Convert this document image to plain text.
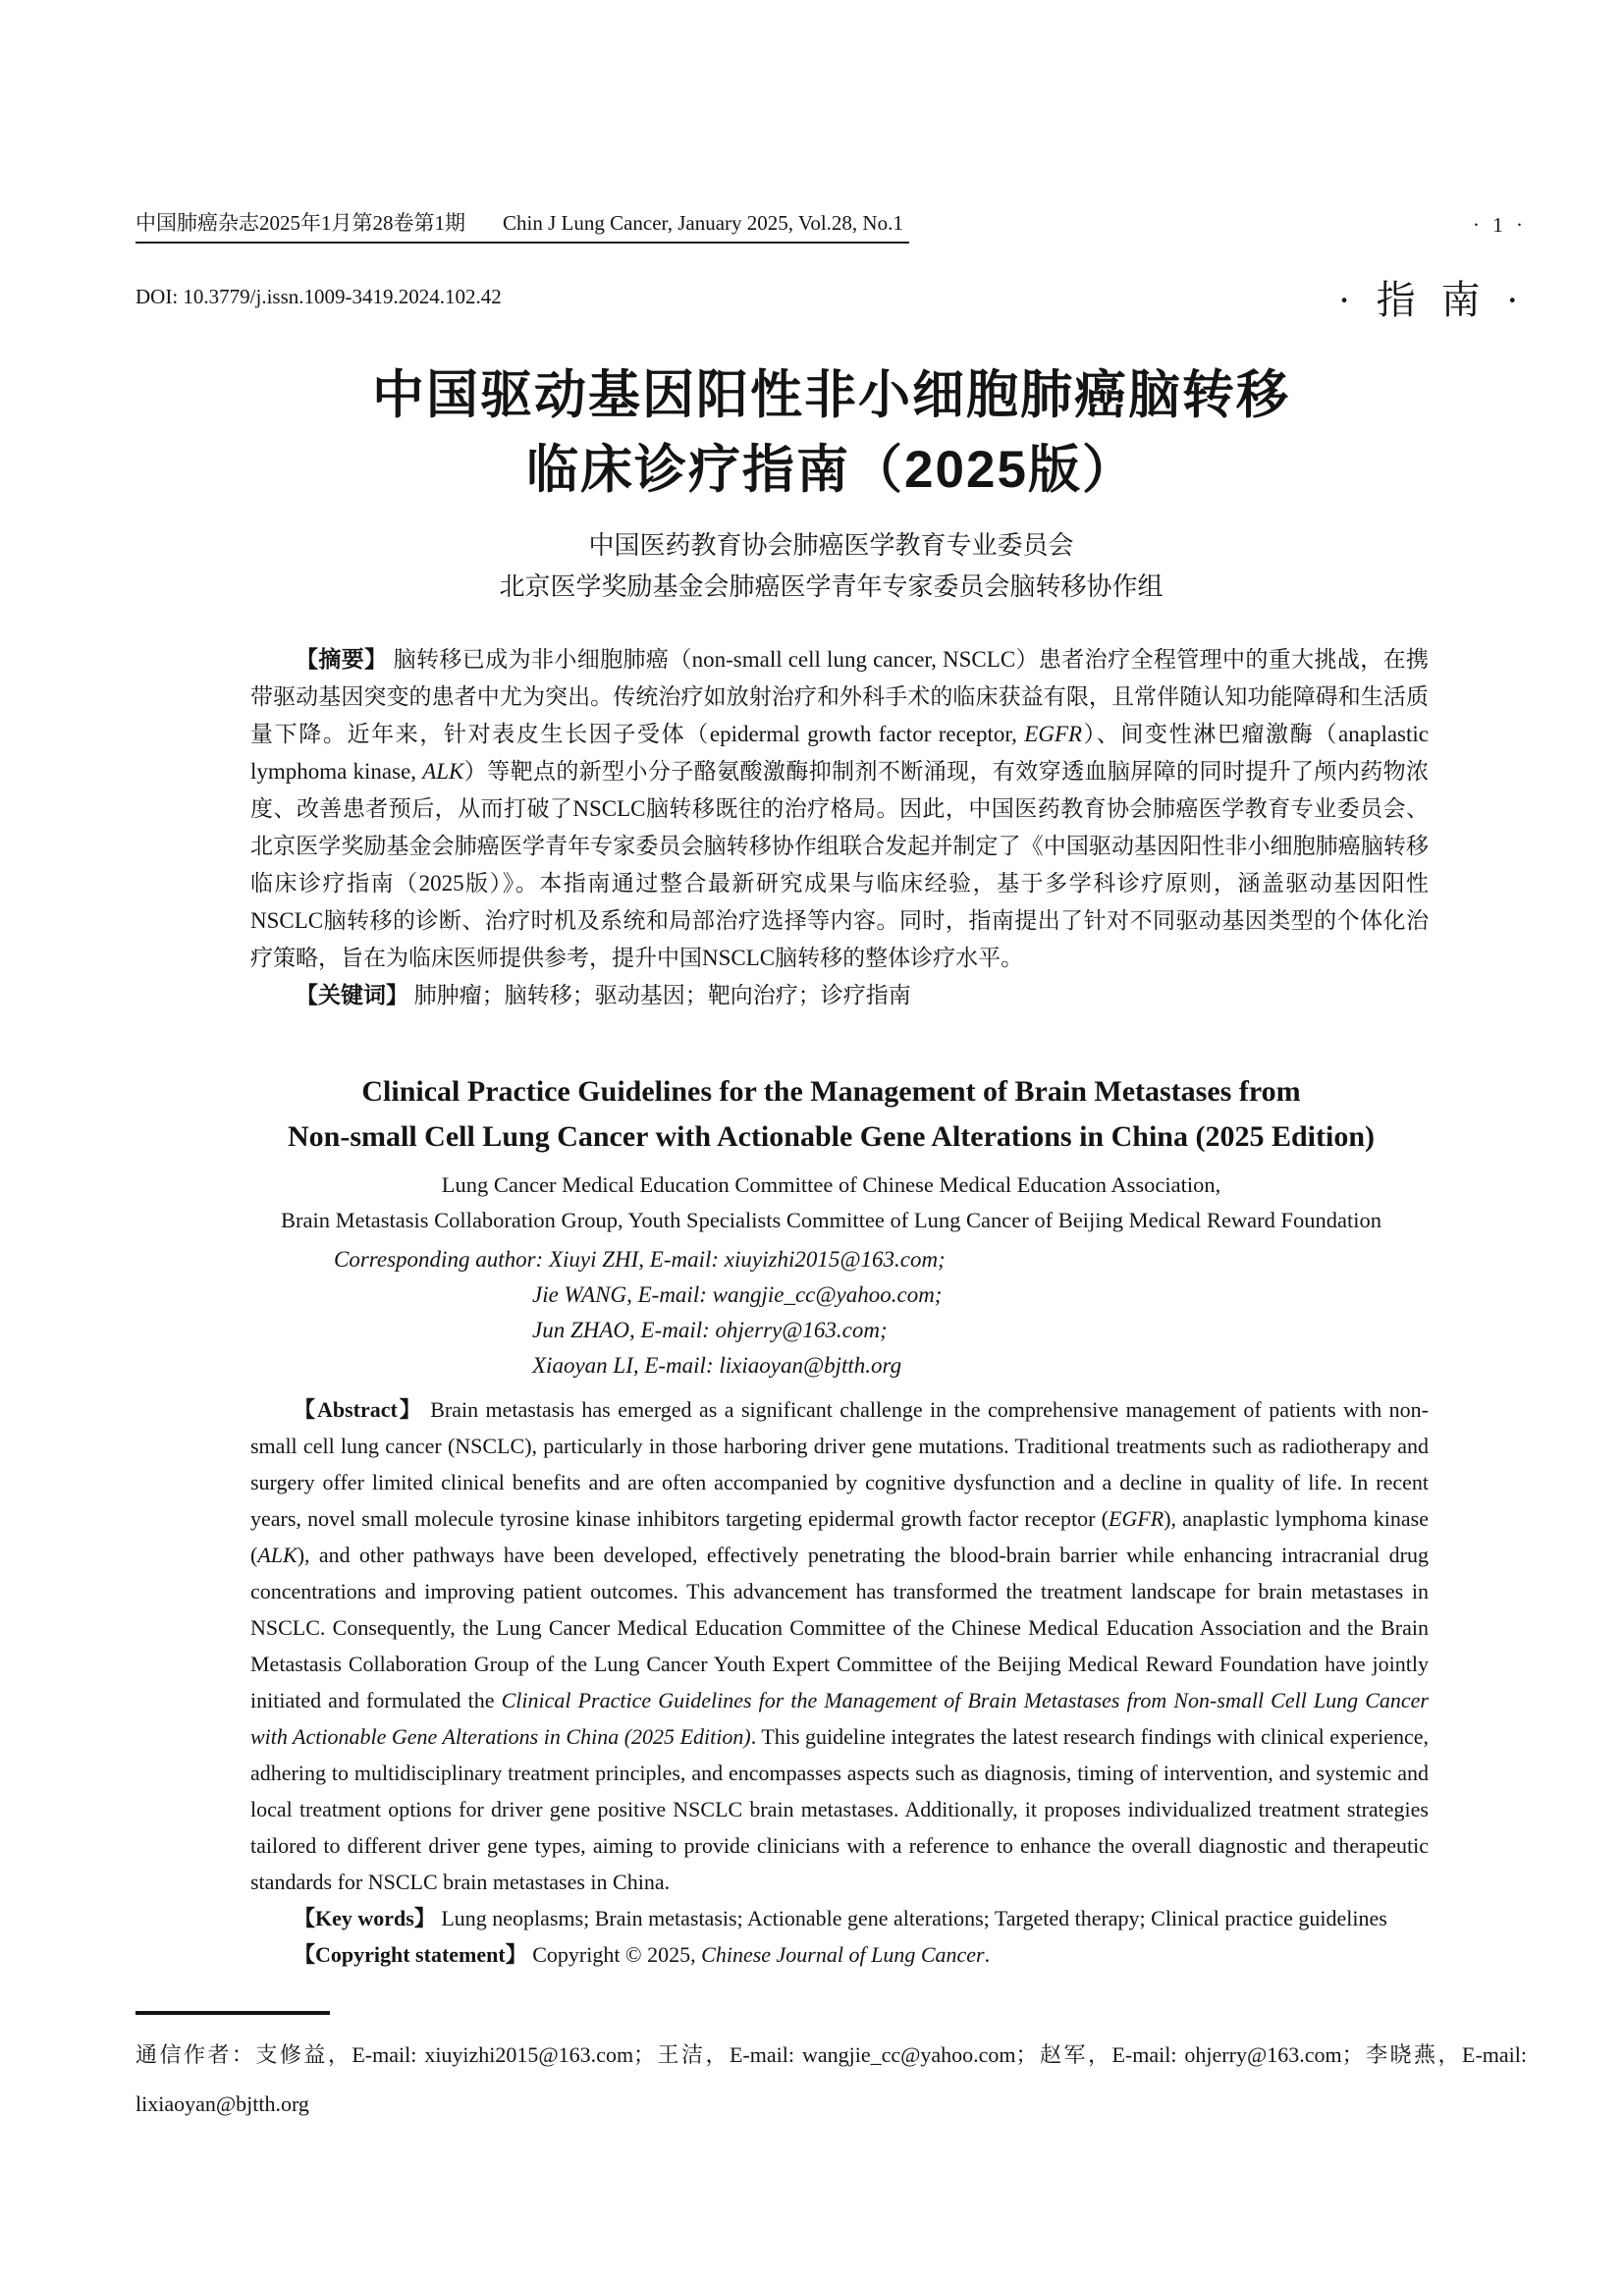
中国肺癌杂志2025年1月第28卷第1期 Chin J Lung Cancer, January 2025, Vol.28, No.1	· 1 ·
DOI: 10.3779/j.issn.1009-3419.2024.102.42	· 指 南 ·
中国驱动基因阳性非小细胞肺癌脑转移
临床诊疗指南（2025版）
中国医药教育协会肺癌医学教育专业委员会
北京医学奖励基金会肺癌医学青年专家委员会脑转移协作组

【摘要】 脑转移已成为非小细胞肺癌（non-small cell lung cancer, NSCLC）患者治疗全程管理中的重大挑战，在携带驱动基因突变的患者中尤为突出。传统治疗如放射治疗和外科手术的临床获益有限，且常伴随认知功能障碍和生活质量下降。近年来，针对表皮生长因子受体（epidermal growth factor receptor, EGFR）、间变性淋巴瘤激酶（anaplastic lymphoma kinase, ALK）等靶点的新型小分子酪氨酸激酶抑制剂不断涌现，有效穿透血脑屏障的同时提升了颅内药物浓度、改善患者预后，从而打破了NSCLC脑转移既往的治疗格局。因此，中国医药教育协会肺癌医学教育专业委员会、北京医学奖励基金会肺癌医学青年专家委员会脑转移协作组联合发起并制定了《中国驱动基因阳性非小细胞肺癌脑转移临床诊疗指南（2025版）》。本指南通过整合最新研究成果与临床经验，基于多学科诊疗原则，涵盖驱动基因阳性NSCLC脑转移的诊断、治疗时机及系统和局部治疗选择等内容。同时，指南提出了针对不同驱动基因类型的个体化治疗策略，旨在为临床医师提供参考，提升中国NSCLC脑转移的整体诊疗水平。

【关键词】 肺肿瘤；脑转移；驱动基因；靶向治疗；诊疗指南

Clinical Practice Guidelines for the Management of Brain Metastases from
Non-small Cell Lung Cancer with Actionable Gene Alterations in China (2025 Edition)
Lung Cancer Medical Education Committee of Chinese Medical Education Association,
Brain Metastasis Collaboration Group, Youth Specialists Committee of Lung Cancer of Beijing Medical Reward Foundation
Corresponding author: Xiuyi ZHI, E-mail: xiuyizhi2015@163.com;
Jie WANG, E-mail: wangjie_cc@yahoo.com;
Jun ZHAO, E-mail: ohjerry@163.com;
Xiaoyan LI, E-mail: lixiaoyan@bjtth.org

【Abstract】 Brain metastasis has emerged as a significant challenge in the comprehensive management of patients with non-small cell lung cancer (NSCLC), particularly in those harboring driver gene mutations. Traditional treatments such as radiotherapy and surgery offer limited clinical benefits and are often accompanied by cognitive dysfunction and a decline in quality of life. In recent years, novel small molecule tyrosine kinase inhibitors targeting epidermal growth factor receptor (EGFR), anaplastic lymphoma kinase (ALK), and other pathways have been developed, effectively penetrating the blood-brain barrier while enhancing intracranial drug concentrations and improving patient outcomes. This advancement has transformed the treatment landscape for brain metastases in NSCLC. Consequently, the Lung Cancer Medical Education Committee of the Chinese Medical Education Association and the Brain Metastasis Collaboration Group of the Lung Cancer Youth Expert Committee of the Beijing Medical Reward Foundation have jointly initiated and formulated the Clinical Practice Guidelines for the Management of Brain Metastases from Non-small Cell Lung Cancer with Actionable Gene Alterations in China (2025 Edition). This guideline integrates the latest research findings with clinical experience, adhering to multidisciplinary treatment principles, and encompasses aspects such as diagnosis, timing of intervention, and systemic and local treatment options for driver gene positive NSCLC brain metastases. Additionally, it proposes individualized treatment strategies tailored to different driver gene types, aiming to provide clinicians with a reference to enhance the overall diagnostic and therapeutic standards for NSCLC brain metastases in China.

【Key words】 Lung neoplasms; Brain metastasis; Actionable gene alterations; Targeted therapy; Clinical practice guidelines

【Copyright statement】 Copyright © 2025, Chinese Journal of Lung Cancer.

通信作者：支修益，E-mail: xiuyizhi2015@163.com；王洁，E-mail: wangjie_cc@yahoo.com；赵军，E-mail: ohjerry@163.com；李晓燕，E-mail: lixiaoyan@bjtth.org
